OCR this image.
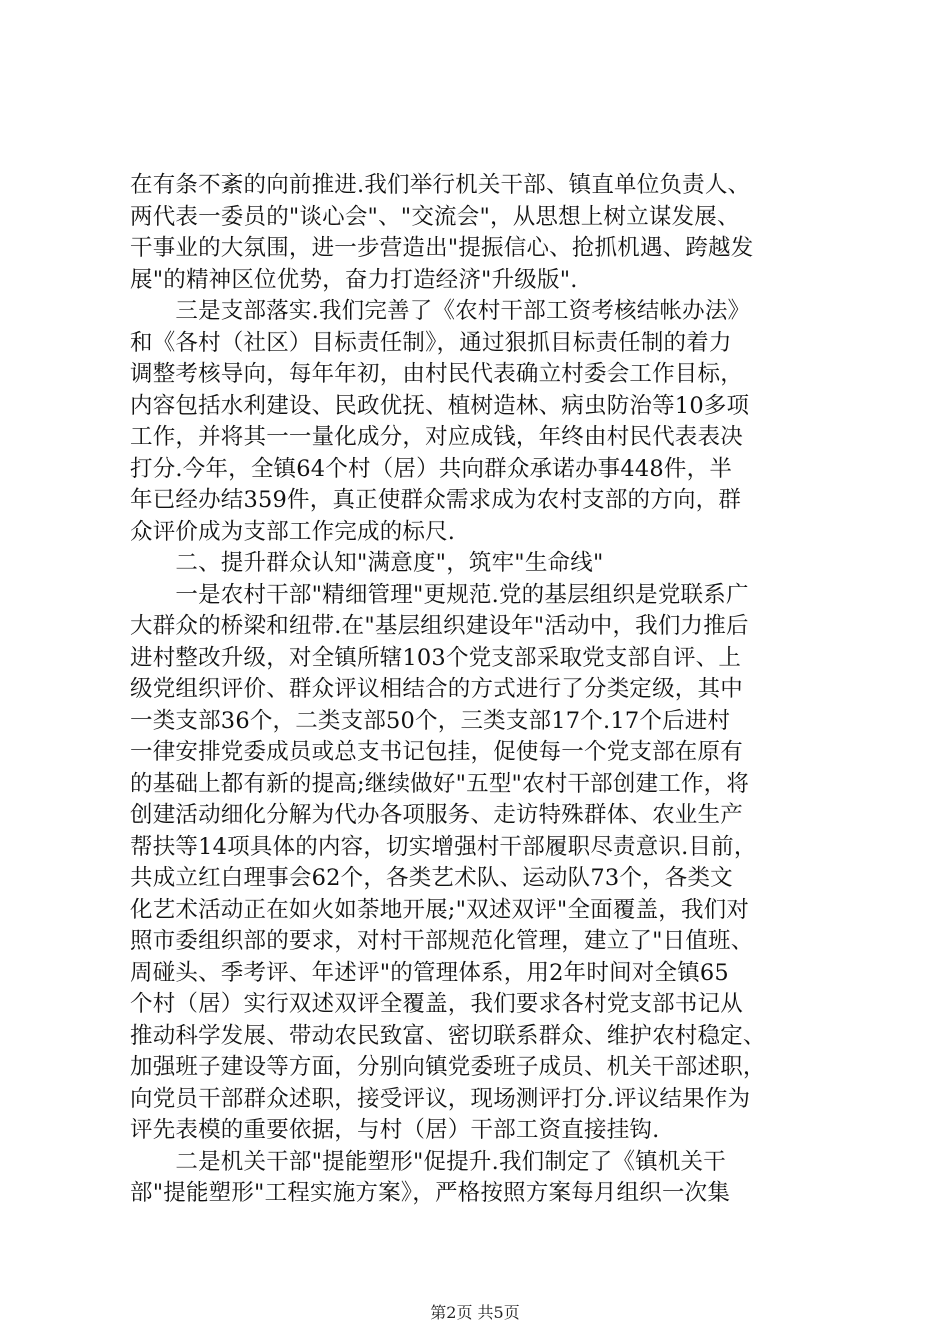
在有条不紊的向前推进.我们举行机关干部、镇直单位负责人、
两代表一委员的"谈心会"、"交流会"，从思想上树立谋发展、
干事业的大氛围，进一步营造出"提振信心、抢抓机遇、跨越发
展"的精神区位优势，奋力打造经济"升级版".
　　三是支部落实.我们完善了《农村干部工资考核结帐办法》
和《各村（社区）目标责任制》，通过狠抓目标责任制的着力
调整考核导向，每年年初，由村民代表确立村委会工作目标，
内容包括水利建设、民政优抚、植树造林、病虫防治等10多项
工作，并将其一一量化成分，对应成钱，年终由村民代表表决
打分.今年，全镇64个村（居）共向群众承诺办事448件，半
年已经办结359件，真正使群众需求成为农村支部的方向，群
众评价成为支部工作完成的标尺.
　　二、提升群众认知"满意度"，筑牢"生命线"
　　一是农村干部"精细管理"更规范.党的基层组织是党联系广
大群众的桥梁和纽带.在"基层组织建设年"活动中，我们力推后
进村整改升级，对全镇所辖103个党支部采取党支部自评、上
级党组织评价、群众评议相结合的方式进行了分类定级，其中
一类支部36个，二类支部50个，三类支部17个.17个后进村
一律安排党委成员或总支书记包挂，促使每一个党支部在原有
的基础上都有新的提高;继续做好"五型"农村干部创建工作，将
创建活动细化分解为代办各项服务、走访特殊群体、农业生产
帮扶等14项具体的内容，切实增强村干部履职尽责意识.目前，
共成立红白理事会62个，各类艺术队、运动队73个，各类文
化艺术活动正在如火如荼地开展;"双述双评"全面覆盖，我们对
照市委组织部的要求，对村干部规范化管理，建立了"日值班、
周碰头、季考评、年述评"的管理体系，用2年时间对全镇65
个村（居）实行双述双评全覆盖，我们要求各村党支部书记从
推动科学发展、带动农民致富、密切联系群众、维护农村稳定、
加强班子建设等方面，分别向镇党委班子成员、机关干部述职，
向党员干部群众述职，接受评议，现场测评打分.评议结果作为
评先表模的重要依据，与村（居）干部工资直接挂钩.
　　二是机关干部"提能塑形"促提升.我们制定了《镇机关干
部"提能塑形"工程实施方案》，严格按照方案每月组织一次集
第2页 共5页
